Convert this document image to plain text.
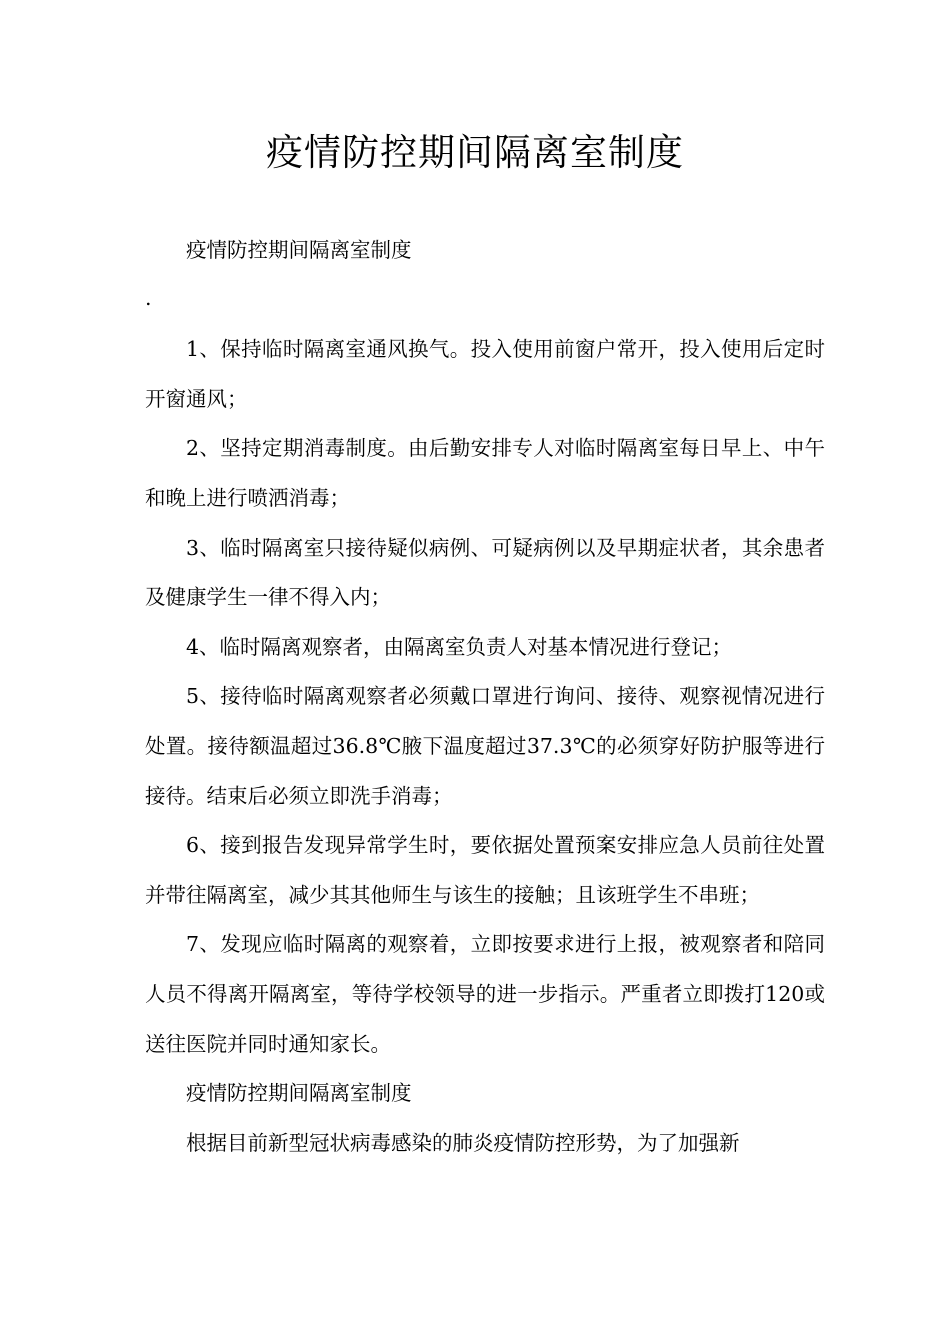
疫情防控期间隔离室制度

疫情防控期间隔离室制度

.

1、保持临时隔离室通风换气。投入使用前窗户常开，投入使用后定时开窗通风；

2、坚持定期消毒制度。由后勤安排专人对临时隔离室每日早上、中午和晚上进行喷洒消毒；

3、临时隔离室只接待疑似病例、可疑病例以及早期症状者，其余患者及健康学生一律不得入内；

4、临时隔离观察者，由隔离室负责人对基本情况进行登记；

5、接待临时隔离观察者必须戴口罩进行询问、接待、观察视情况进行处置。接待额温超过36.8℃腋下温度超过37.3℃的必须穿好防护服等进行接待。结束后必须立即洗手消毒；

6、接到报告发现异常学生时，要依据处置预案安排应急人员前往处置并带往隔离室，减少其其他师生与该生的接触；且该班学生不串班；

7、发现应临时隔离的观察着，立即按要求进行上报，被观察者和陪同人员不得离开隔离室，等待学校领导的进一步指示。严重者立即拨打120或送往医院并同时通知家长。

疫情防控期间隔离室制度

根据目前新型冠状病毒感染的肺炎疫情防控形势，为了加强新
